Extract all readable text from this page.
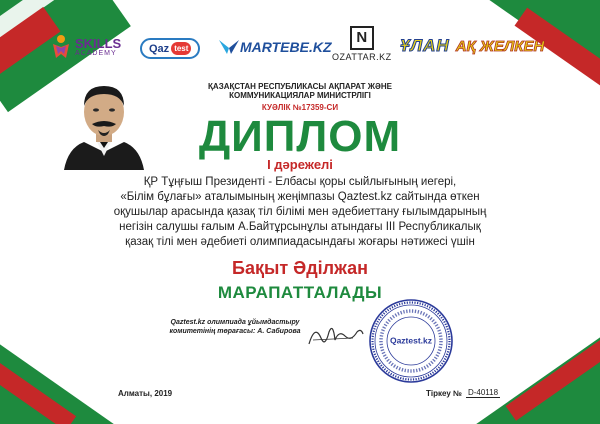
SKILLS
ACADEMY	Qaz test	MARTEBE.KZ
N
OZATTAR.KZ
ҰЛАН АҚ ЖЕЛКЕН
ҚАЗАҚСТАН РЕСПУБЛИКАСЫ АҚПАРАТ ЖӘНЕ
КОММУНИКАЦИЯЛАР МИНИСТРЛІГІ
КУӘЛІК №17359-СИ
ДИПЛОМ
I дәрежелі
ҚР Тұңғыш Президенті - Елбасы қоры сыйлығының иегері,
«Білім бұлағы» аталымының жеңімпазы Qaztest.kz сайтында өткен
оқушылар арасында қазақ тіл білімі мен әдебиеттану ғылымдарының
негізін салушы ғалым А.Байтұрсынұлы атындағы ІІІ Республикалық
қазақ тілі мен әдебиеті олимпиадасындағы жоғары нәтижесі үшін
Бақыт Әділжан
МАРАПАТТАЛАДЫ
Qaztest.kz олимпиада ұйымдастыру
комитетінің төрағасы: А. Сабирова
Qaztest.kz
Алматы, 2019	Тіркеу № D-40118
